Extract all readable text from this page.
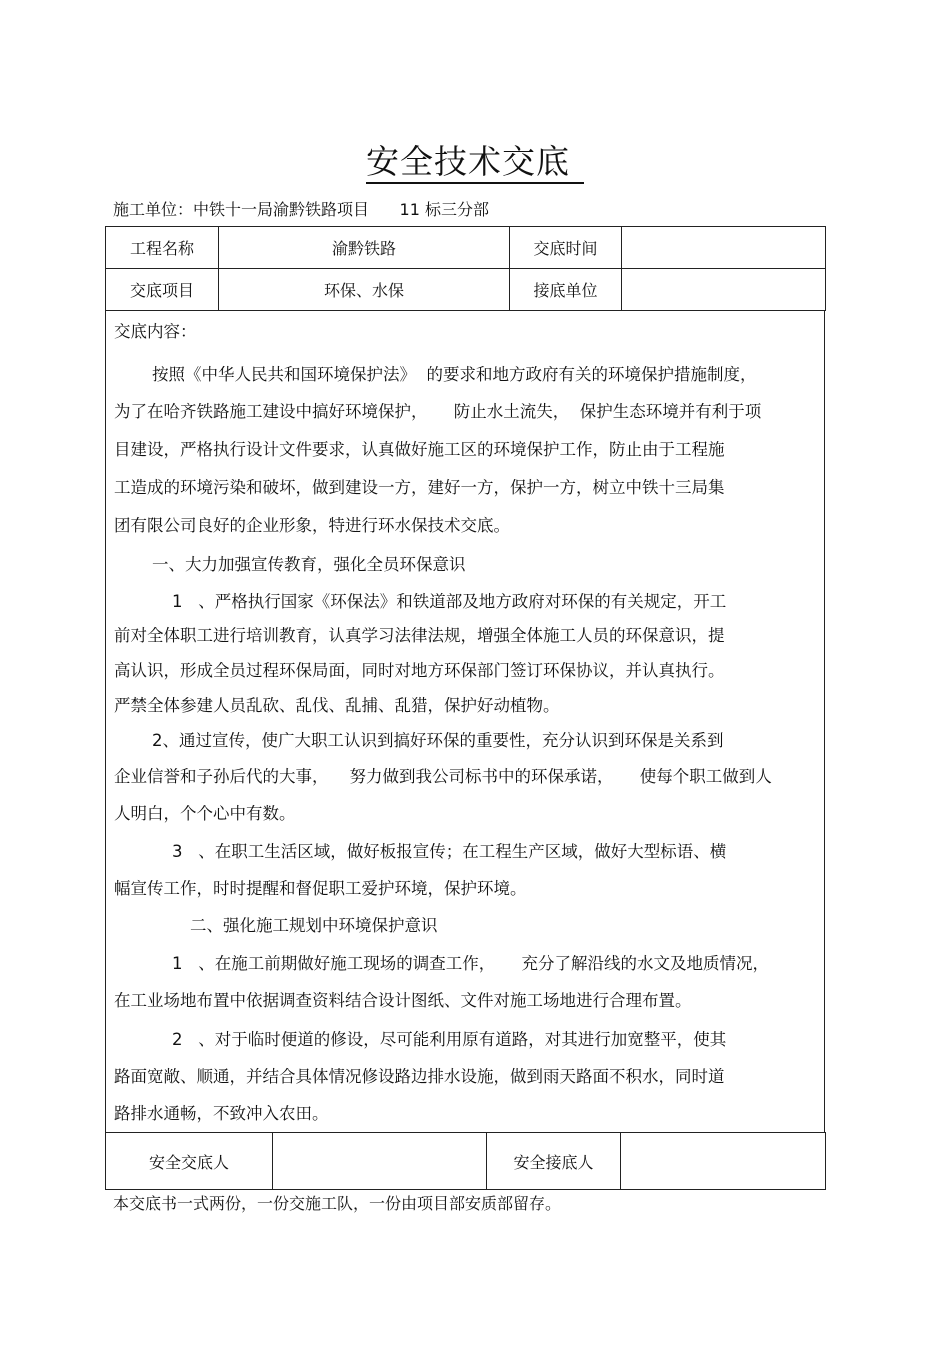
安全技术交底
施工单位：中铁十一局渝黔铁路项目      11 标三分部
工程名称	渝黔铁路	交底时间	
交底项目	环保、水保	接底单位	
交底内容：
按照《中华人民共和国环境保护法》  的要求和地方政府有关的环境保护措施制度，
为了在哈齐铁路施工建设中搞好环境保护，     防止水土流失，  保护生态环境并有利于项
目建设，严格执行设计文件要求，认真做好施工区的环境保护工作，防止由于工程施
工造成的环境污染和破坏，做到建设一方，建好一方，保护一方，树立中铁十三局集
团有限公司良好的企业形象，特进行环水保技术交底。
一、大力加强宣传教育，强化全员环保意识
1   、严格执行国家《环保法》和铁道部及地方政府对环保的有关规定，开工
前对全体职工进行培训教育，认真学习法律法规，增强全体施工人员的环保意识，提
高认识，形成全员过程环保局面，同时对地方环保部门签订环保协议，并认真执行。
严禁全体参建人员乱砍、乱伐、乱捕、乱猎，保护好动植物。
2、通过宣传，使广大职工认识到搞好环保的重要性，充分认识到环保是关系到
企业信誉和子孙后代的大事，    努力做到我公司标书中的环保承诺，     使每个职工做到人
人明白，个个心中有数。
3   、在职工生活区域，做好板报宣传；在工程生产区域，做好大型标语、横
幅宣传工作，时时提醒和督促职工爱护环境，保护环境。
二、强化施工规划中环境保护意识
1   、在施工前期做好施工现场的调查工作，     充分了解沿线的水文及地质情况，
在工业场地布置中依据调查资料结合设计图纸、文件对施工场地进行合理布置。
2   、对于临时便道的修设，尽可能利用原有道路，对其进行加宽整平，使其
路面宽敞、顺通，并结合具体情况修设路边排水设施，做到雨天路面不积水，同时道
路排水通畅，不致冲入农田。
安全交底人		安全接底人	
本交底书一式两份，一份交施工队，一份由项目部安质部留存。
